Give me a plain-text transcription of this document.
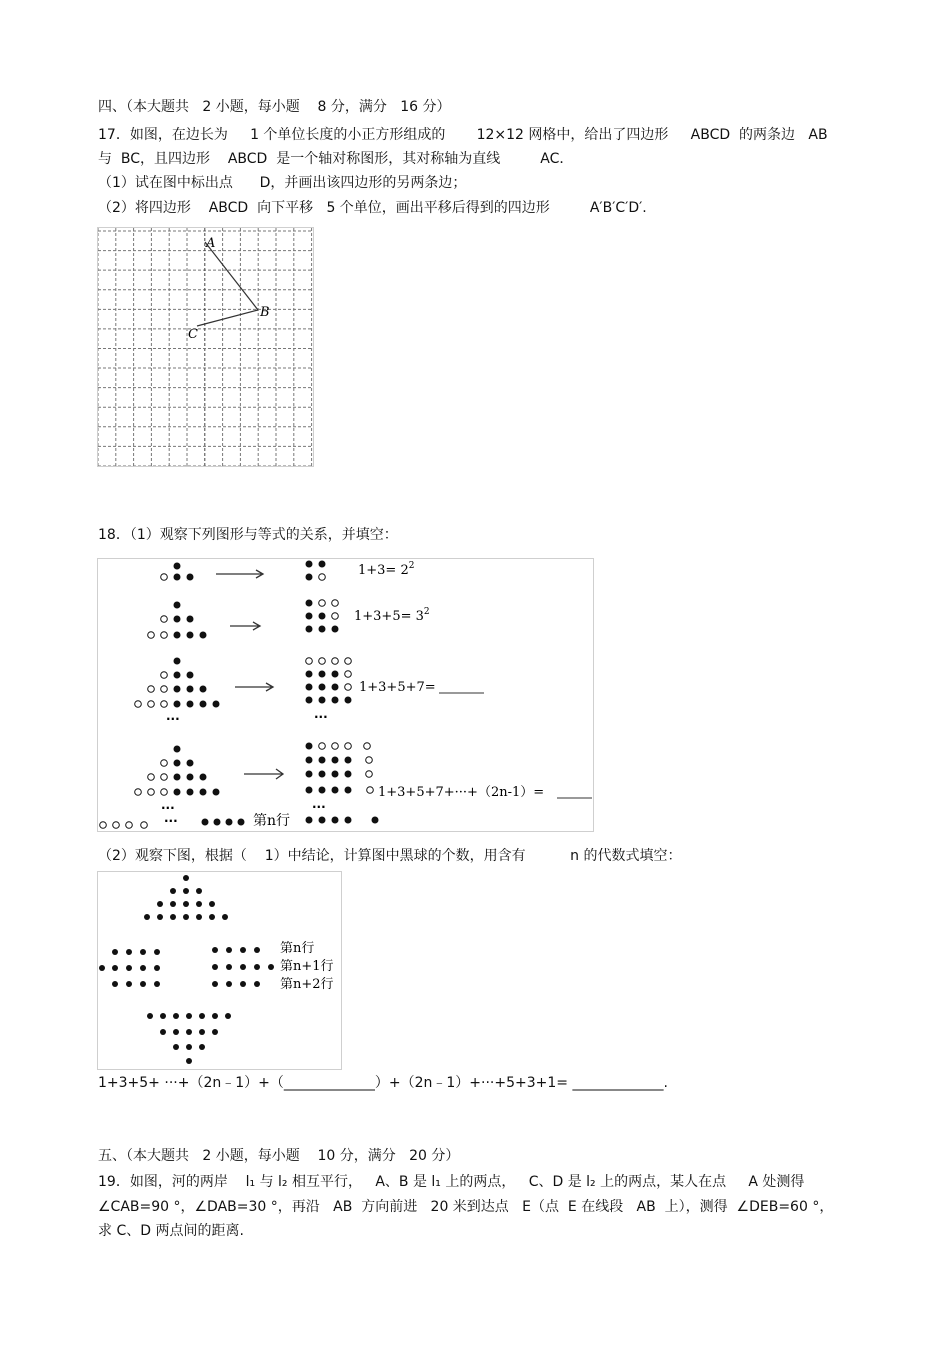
四、（本大题共   2 小题，每小题    8 分，满分   16 分）
17．如图，在边长为     1 个单位长度的小正方形组成的       12×12 网格中，给出了四边形     ABCD  的两条边   AB
与  BC，且四边形    ABCD  是一个轴对称图形，其对称轴为直线         AC．
（1）试在图中标出点      D，并画出该四边形的另两条边；
（2）将四边形    ABCD  向下平移   5 个单位，画出平移后得到的四边形         A′B′C′D′.
A
B
C
18．（1）观察下列图形与等式的关系，并填空：
$1+3= 2^2$
$1+3+5= 3^2$
1+3+5+7=
1+3+5+7+···+（2n-1）=
···	···
···	···
···	第n行
（2）观察下图，根据（    1）中结论，计算图中黑球的个数，用含有          n 的代数式填空：
第n行
第n+1行
第n+2行
1+3+5+ ···+（2n﹣1）+（_____________）+（2n﹣1）+···+5+3+1= _____________.
五、（本大题共   2 小题，每小题    10 分，满分   20 分）
19．如图，河的两岸    l₁ 与 l₂ 相互平行，   A、B 是 l₁ 上的两点，   C、D 是 l₂ 上的两点，某人在点     A 处测得
∠CAB=90 °，∠DAB=30 °，再沿   AB  方向前进   20 米到达点   E（点  E 在线段   AB  上），测得  ∠DEB=60 °，
求 C、D 两点间的距离.
